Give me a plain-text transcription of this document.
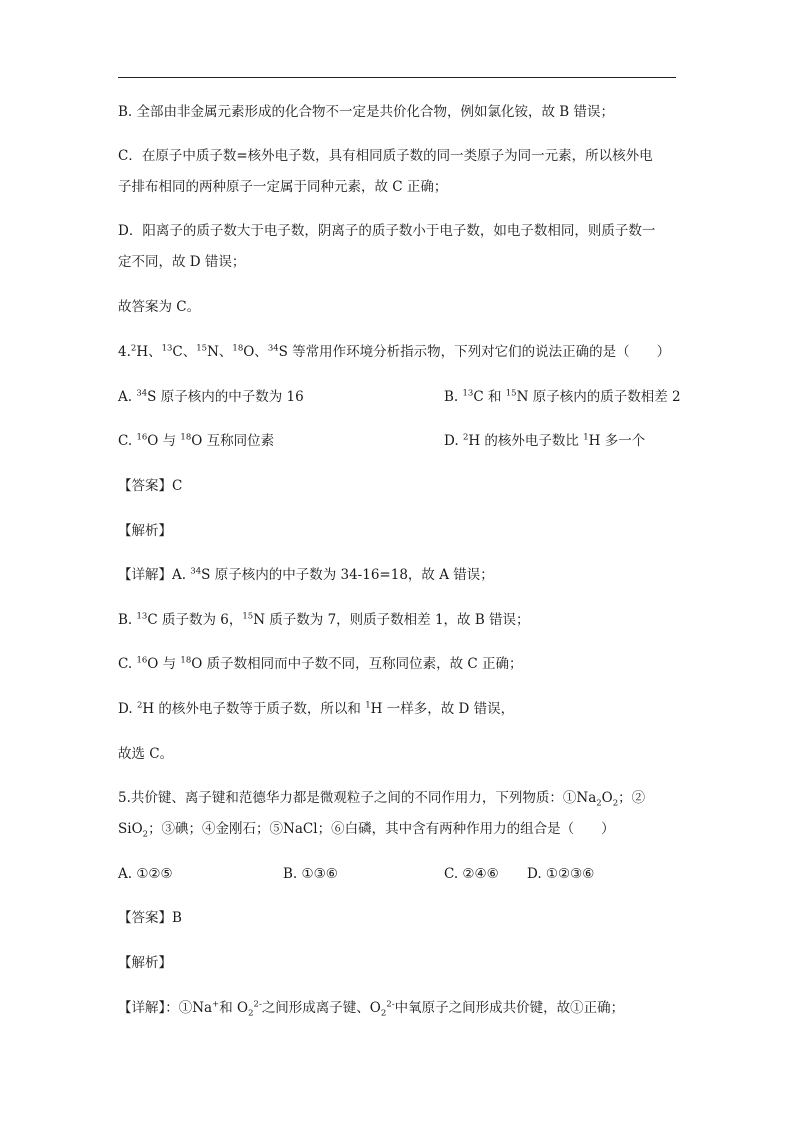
B. 全部由非金属元素形成的化合物不一定是共价化合物，例如氯化铵，故 B 错误；
C．在原子中质子数=核外电子数，具有相同质子数的同一类原子为同一元素，所以核外电
子排布相同的两种原子一定属于同种元素，故 C 正确；
D．阳离子的质子数大于电子数，阴离子的质子数小于电子数，如电子数相同，则质子数一
定不同，故 D 错误；
故答案为 C。
4.$^2$H、$^{13}$C、$^{15}$N、$^{18}$O、$^{34}$S 等常用作环境分析指示物，下列对它们的说法正确的是（　　）
A. $^{34}$S 原子核内的中子数为 16	B. $^{13}$C 和 $^{15}$N 原子核内的质子数相差 2
C. $^{16}$O 与 $^{18}$O 互称同位素	D. $^2$H 的核外电子数比 $^1$H 多一个
【答案】C
【解析】
【详解】A. $^{34}$S 原子核内的中子数为 34-16=18，故 A 错误；
B. $^{13}$C 质子数为 6，$^{15}$N 质子数为 7，则质子数相差 1，故 B 错误；
C. $^{16}$O 与 $^{18}$O 质子数相同而中子数不同，互称同位素，故 C 正确；
D. $^2$H 的核外电子数等于质子数，所以和 $^1$H 一样多，故 D 错误，
故选 C。
5.共价键、离子键和范德华力都是微观粒子之间的不同作用力，下列物质：$①Na_2O_2$；②
SiO$_2$；③碘；④金刚石；⑤NaCl；⑥白磷，其中含有两种作用力的组合是（　　）
A. ①②⑤	B. ①③⑥	C. ②④⑥ D. ①②③⑥
【答案】B
【解析】
【详解】：①Na+和 $O_2^{2-}$之间形成离子键、$O_2^{2-}$中氧原子之间形成共价键，故①正确；
